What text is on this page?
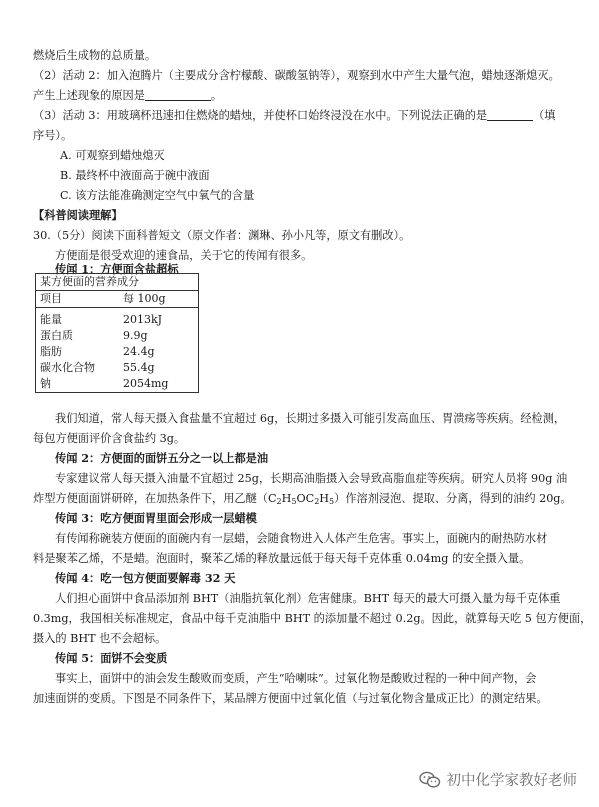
燃烧后生成物的总质量。
（2）活动 2：加入泡腾片（主要成分含柠檬酸、碳酸氢钠等），观察到水中产生大量气泡，蜡烛逐渐熄灭。
产生上述现象的原因是	。
（3）活动 3：用玻璃杯迅速扣住燃烧的蜡烛，并使杯口始终浸没在水中。下列说法正确的是	（填
序号）。
A. 可观察到蜡烛熄灭
B. 最终杯中液面高于碗中液面
C. 该方法能准确测定空气中氧气的含量
【科普阅读理解】
30.（5分）阅读下面科普短文（原文作者：渊琳、孙小凡等，原文有删改）。
方便面是很受欢迎的速食品，关于它的传闻有很多。
传闻 1：方便面含盐超标
某方便面的营养成分	
项目	每 100g
能量	2013kJ
蛋白质	9.9g
脂肪	24.4g
碳水化合物	55.4g
钠	2054mg
我们知道，常人每天摄入食盐量不宜超过 6g，长期过多摄入可能引发高血压、胃溃疡等疾病。经检测，
每包方便面评价含食盐约 3g。
传闻 2：方便面的面饼五分之一以上都是油
专家建议常人每天摄入油量不宜超过 25g，长期高油脂摄入会导致高脂血症等疾病。研究人员将 90g 油
炸型方便面面饼研碎，在加热条件下，用乙醚$(C_2H_5OC_2H_5)$作溶剂浸泡、提取、分离，得到的油约 20g。
传闻 3：吃方便面胃里面会形成一层蜡模
有传闻称碗装方便面的面碗内有一层蜡，会随食物进入人体产生危害。事实上，面碗内的耐热防水材
料是聚苯乙烯，不是蜡。泡面时，聚苯乙烯的释放量远低于每天每千克体重 0.04mg 的安全摄入量。
传闻 4：吃一包方便面要解毒 32 天
人们担心面饼中食品添加剂 BHT（油脂抗氧化剂）危害健康。BHT 每天的最大可摄入量为每千克体重
0.3mg，我国相关标准规定，食品中每千克油脂中 BHT 的添加量不超过 0.2g。因此，就算每天吃 5 包方便面，
摄入的 BHT 也不会超标。
传闻 5：面饼不会变质
事实上，面饼中的油会发生酸败而变质，产生“哈喇味”。过氧化物是酸败过程的一种中间产物，会
加速面饼的变质。下图是不同条件下，某品牌方便面中过氧化值（与过氧化物含量成正比）的测定结果。
初中化学家教好老师
